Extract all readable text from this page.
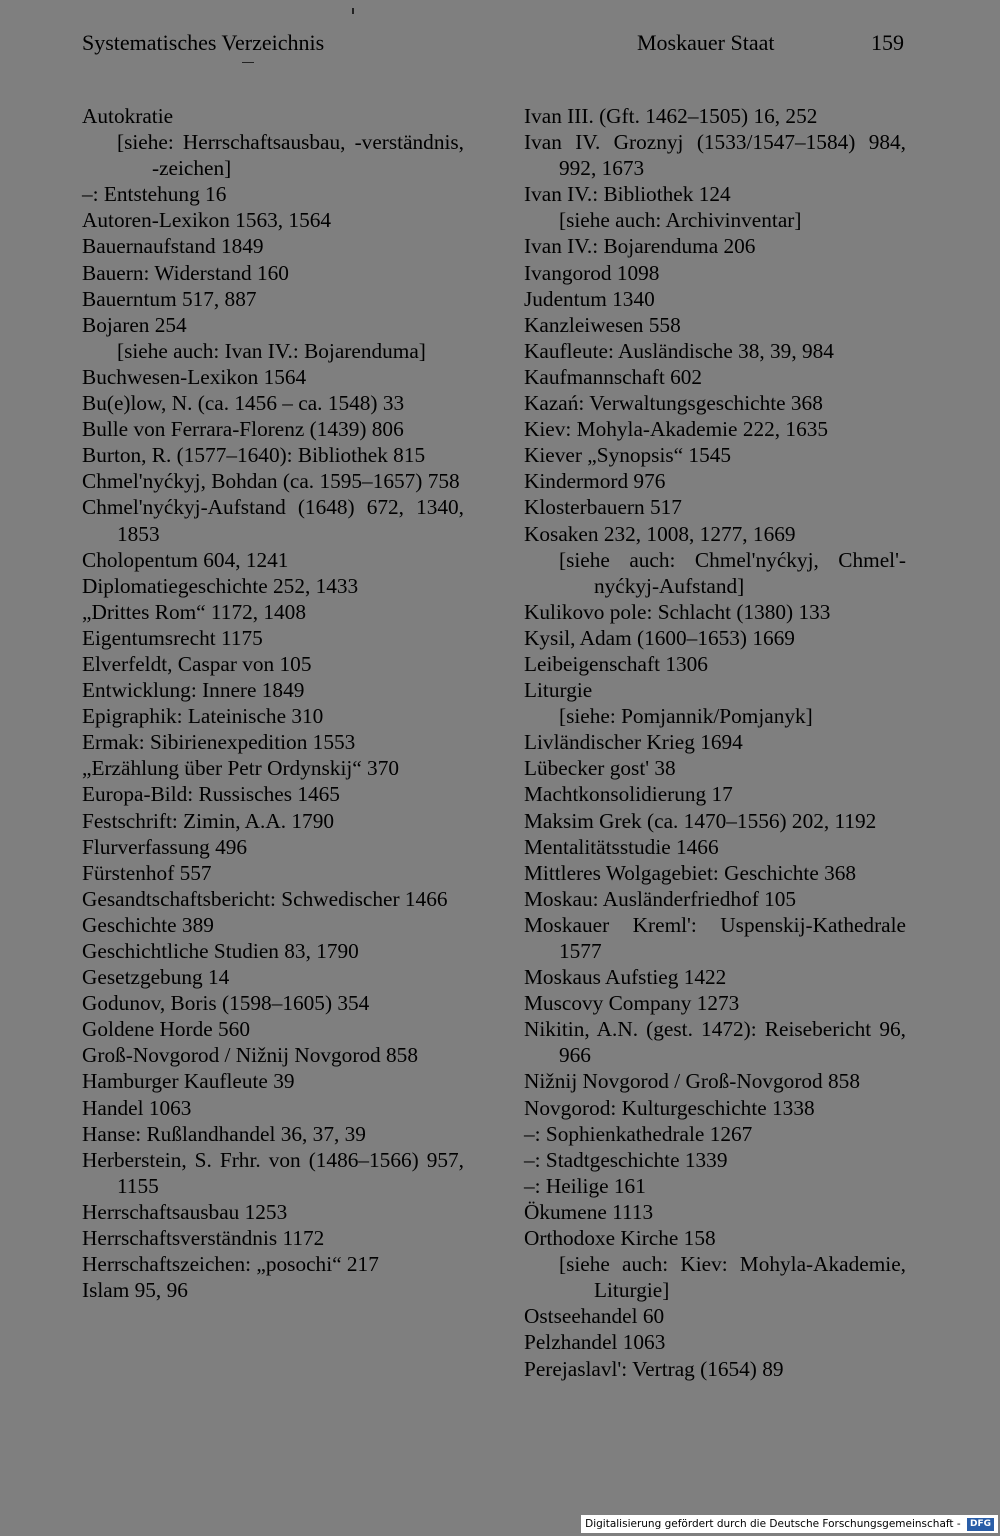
Systematisches Verzeichnis	Moskauer Staat	159
Autokratie
[siehe: Herrschaftsausbau, -verständnis, -zeichen]
–: Entstehung 16
Autoren-Lexikon 1563, 1564
Bauernaufstand 1849
Bauern: Widerstand 160
Bauerntum 517, 887
Bojaren 254
[siehe auch: Ivan IV.: Bojarenduma]
Buchwesen-Lexikon 1564
Bu(e)low, N. (ca. 1456 – ca. 1548) 33
Bulle von Ferrara-Florenz (1439) 806
Burton, R. (1577–1640): Bibliothek 815
Chmel'nyćkyj, Bohdan (ca. 1595–1657) 758
Chmel'nyćkyj-Aufstand (1648) 672, 1340, 1853
Cholopentum 604, 1241
Diplomatiegeschichte 252, 1433
„Drittes Rom“ 1172, 1408
Eigentumsrecht 1175
Elverfeldt, Caspar von 105
Entwicklung: Innere 1849
Epigraphik: Lateinische 310
Ermak: Sibirienexpedition 1553
„Erzählung über Petr Ordynskij“ 370
Europa-Bild: Russisches 1465
Festschrift: Zimin, A.A. 1790
Flurverfassung 496
Fürstenhof 557
Gesandtschaftsbericht: Schwedischer 1466
Geschichte 389
Geschichtliche Studien 83, 1790
Gesetzgebung 14
Godunov, Boris (1598–1605) 354
Goldene Horde 560
Groß-Novgorod / Nižnij Novgorod 858
Hamburger Kaufleute 39
Handel 1063
Hanse: Rußlandhandel 36, 37, 39
Herberstein, S. Frhr. von (1486–1566) 957, 1155
Herrschaftsausbau 1253
Herrschaftsverständnis 1172
Herrschaftszeichen: „posochi“ 217
Islam 95, 96
Ivan III. (Gft. 1462–1505) 16, 252
Ivan IV. Groznyj (1533/1547–1584) 984, 992, 1673
Ivan IV.: Bibliothek 124
[siehe auch: Archivinventar]
Ivan IV.: Bojarenduma 206
Ivangorod 1098
Judentum 1340
Kanzleiwesen 558
Kaufleute: Ausländische 38, 39, 984
Kaufmannschaft 602
Kazań: Verwaltungsgeschichte 368
Kiev: Mohyla-Akademie 222, 1635
Kiever „Synopsis“ 1545
Kindermord 976
Klosterbauern 517
Kosaken 232, 1008, 1277, 1669
[siehe auch: Chmel'nyćkyj, Chmel'-nyćkyj-Aufstand]
Kulikovo pole: Schlacht (1380) 133
Kysil, Adam (1600–1653) 1669
Leibeigenschaft 1306
Liturgie
[siehe: Pomjannik/Pomjanyk]
Livländischer Krieg 1694
Lübecker gost' 38
Machtkonsolidierung 17
Maksim Grek (ca. 1470–1556) 202, 1192
Mentalitätsstudie 1466
Mittleres Wolgagebiet: Geschichte 368
Moskau: Ausländerfriedhof 105
Moskauer Kreml': Uspenskij-Kathedrale 1577
Moskaus Aufstieg 1422
Muscovy Company 1273
Nikitin, A.N. (gest. 1472): Reisebericht 96, 966
Nižnij Novgorod / Groß-Novgorod 858
Novgorod: Kulturgeschichte 1338
–: Sophienkathedrale 1267
–: Stadtgeschichte 1339
–: Heilige 161
Ökumene 1113
Orthodoxe Kirche 158
[siehe auch: Kiev: Mohyla-Akademie, Liturgie]
Ostseehandel 60
Pelzhandel 1063
Perejaslavl': Vertrag (1654) 89
Digitalisierung gefördert durch die Deutsche Forschungsgemeinschaft - DFG
